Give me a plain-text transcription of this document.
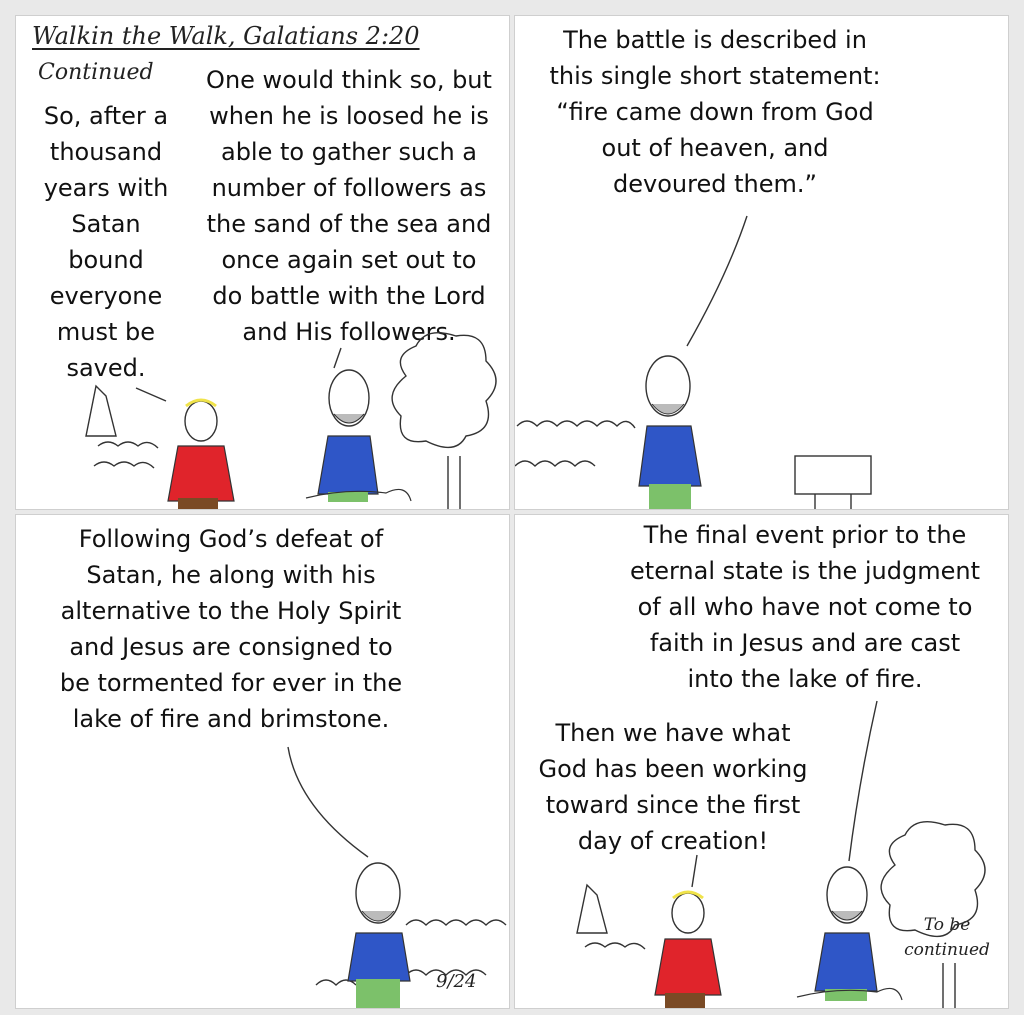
Walkin the Walk, Galatians 2:20
Continued
So, after a
thousand
years with
Satan
bound
everyone
must be
saved.
One would think so, but
when he is loosed he is
able to gather such a
number of followers as
the sand of the sea and
once again set out to
do battle with the Lord
and His followers.
The battle is described in
this single short statement:
“fire came down from God
out of heaven, and
devoured them.”
Following God’s defeat of
Satan, he along with his
alternative to the Holy Spirit
and Jesus are consigned to
be tormented for ever in the
lake of fire and brimstone.
9/24
The final event prior to the
eternal state is the judgment
of all who have not come to
faith in Jesus and are cast
into the lake of fire.
Then we have what
God has been working
toward since the first
day of creation!
To be
continued
